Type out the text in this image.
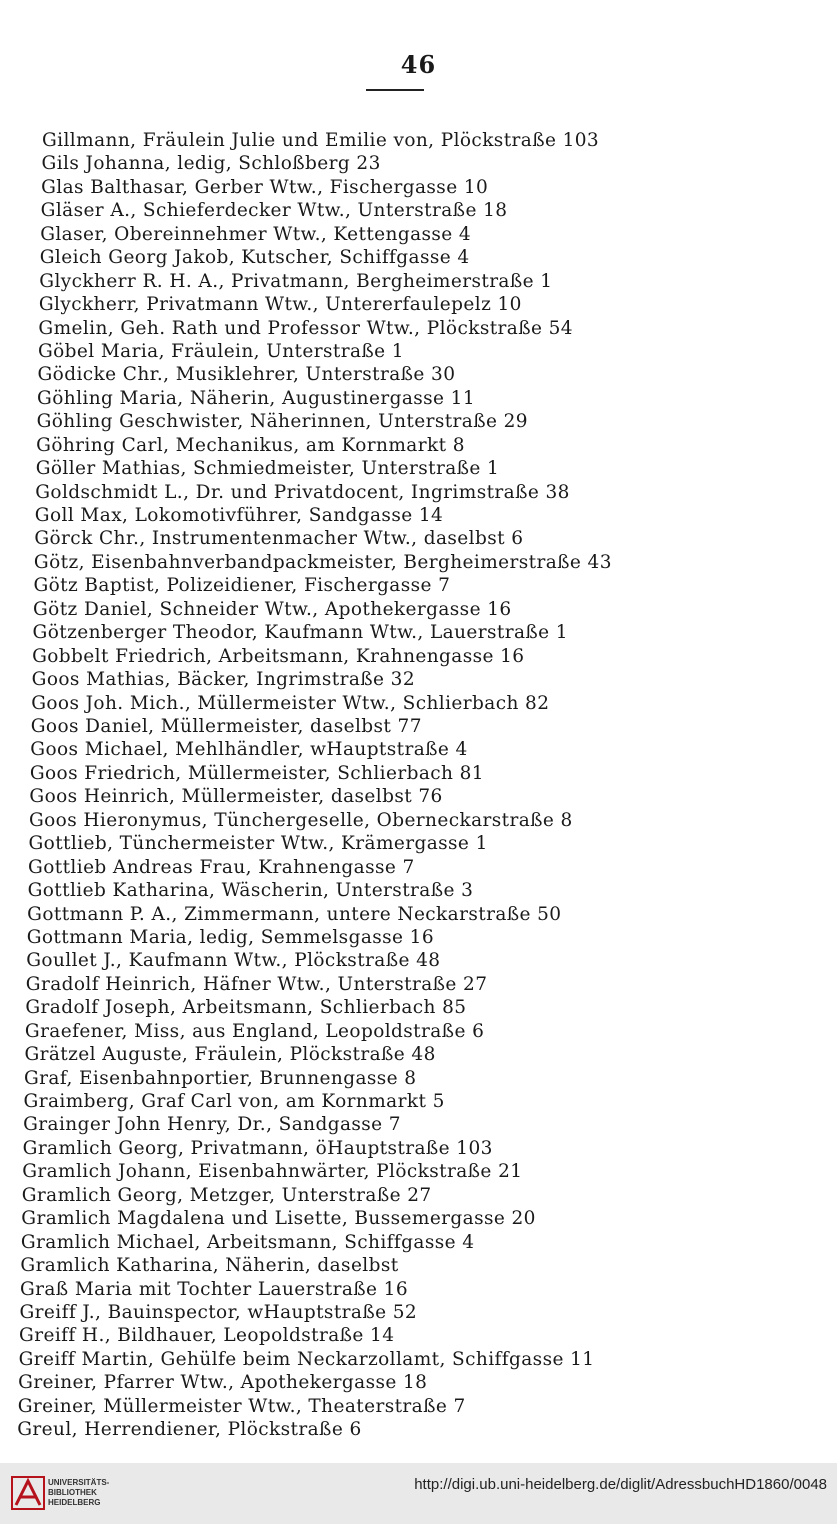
46
Gillmann, Fräulein Julie und Emilie von, Plöckstraße 103
Gils Johanna, ledig, Schloßberg 23
Glas Balthasar, Gerber Wtw., Fischergasse 10
Gläser A., Schieferdecker Wtw., Unterstraße 18
Glaser, Obereinnehmer Wtw., Kettengasse 4
Gleich Georg Jakob, Kutscher, Schiffgasse 4
Glyckherr R. H. A., Privatmann, Bergheimerstraße 1
Glyckherr, Privatmann Wtw., Untererfaulepelz 10
Gmelin, Geh. Rath und Professor Wtw., Plöckstraße 54
Göbel Maria, Fräulein, Unterstraße 1
Gödicke Chr., Musiklehrer, Unterstraße 30
Göhling Maria, Näherin, Augustinergasse 11
Göhling Geschwister, Näherinnen, Unterstraße 29
Göhring Carl, Mechanikus, am Kornmarkt 8
Göller Mathias, Schmiedmeister, Unterstraße 1
Goldschmidt L., Dr. und Privatdocent, Ingrimstraße 38
Goll Max, Lokomotivführer, Sandgasse 14
Görck Chr., Instrumentenmacher Wtw., daselbst 6
Götz, Eisenbahnverbandpackmeister, Bergheimerstraße 43
Götz Baptist, Polizeidiener, Fischergasse 7
Götz Daniel, Schneider Wtw., Apothekergasse 16
Götzenberger Theodor, Kaufmann Wtw., Lauerstraße 1
Gobbelt Friedrich, Arbeitsmann, Krahnengasse 16
Goos Mathias, Bäcker, Ingrimstraße 32
Goos Joh. Mich., Müllermeister Wtw., Schlierbach 82
Goos Daniel, Müllermeister, daselbst 77
Goos Michael, Mehlhändler, wHauptstraße 4
Goos Friedrich, Müllermeister, Schlierbach 81
Goos Heinrich, Müllermeister, daselbst 76
Goos Hieronymus, Tünchergeselle, Oberneckarstraße 8
Gottlieb, Tünchermeister Wtw., Krämergasse 1
Gottlieb Andreas Frau, Krahnengasse 7
Gottlieb Katharina, Wäscherin, Unterstraße 3
Gottmann P. A., Zimmermann, untere Neckarstraße 50
Gottmann Maria, ledig, Semmelsgasse 16
Goullet J., Kaufmann Wtw., Plöckstraße 48
Gradolf Heinrich, Häfner Wtw., Unterstraße 27
Gradolf Joseph, Arbeitsmann, Schlierbach 85
Graefener, Miss, aus England, Leopoldstraße 6
Grätzel Auguste, Fräulein, Plöckstraße 48
Graf, Eisenbahnportier, Brunnengasse 8
Graimberg, Graf Carl von, am Kornmarkt 5
Grainger John Henry, Dr., Sandgasse 7
Gramlich Georg, Privatmann, öHauptstraße 103
Gramlich Johann, Eisenbahnwärter, Plöckstraße 21
Gramlich Georg, Metzger, Unterstraße 27
Gramlich Magdalena und Lisette, Bussemergasse 20
Gramlich Michael, Arbeitsmann, Schiffgasse 4
Gramlich Katharina, Näherin, daselbst
Graß Maria mit Tochter Lauerstraße 16
Greiff J., Bauinspector, wHauptstraße 52
Greiff H., Bildhauer, Leopoldstraße 14
Greiff Martin, Gehülfe beim Neckarzollamt, Schiffgasse 11
Greiner, Pfarrer Wtw., Apothekergasse 18
Greiner, Müllermeister Wtw., Theaterstraße 7
Greul, Herrendiener, Plöckstraße 6
UNIVERSITÄTS-
BIBLIOTHEK
HEIDELBERG
http://digi.ub.uni-heidelberg.de/diglit/AdressbuchHD1860/0048
